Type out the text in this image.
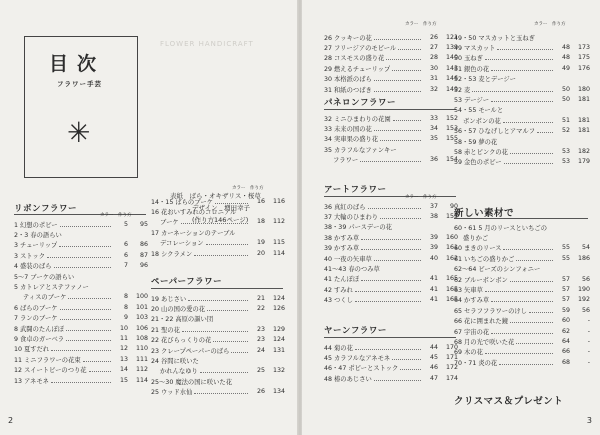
FLOWER HANDICRAFT
目次
フラワー手芸
✳
表紙　 ばら・オキザリス・桜草
デザイン　増田幸子
(作り方146ページ)
リボンフラワー
カラー　作り方
1 幻想のポピー	5	95
2・3 春の語らい
3 チューリップ	6	86
3 ストック	6	87
4 盛装のばら	7	96
5～7 ブーケの語らい
5 カトレアとステファノー
ティスのブーケ	8	100
6 ばらのブーケ	8	101
7 ランのブーケ	9	103
8 武闘のたんぽぽ	10	106
9 食卓のガーベラ	11	108
10 夏すだれ	12	110
11 ミニフラワーの花束	13	111
12 スイートピーのつり花	14	112
13 アネモネ	15	114
カラー　作り方
14・15 ばらのブーケ	16	116
16 花おいすみれのコロニアル
ブーケ	18	112
17 カーネーションのテーブル
デコレーション	19	115
18 シクラメン	20	114
ペーパーフラワー
19 あじさい	21	124
20 山の国の愛の花	22	126
21・22 高原の謳い団
21 聖の花	23	129
22 花びらっくりの花	23	124
23 クレープペーパーのばら	24	131
24 谷間に咲いた
かれんなゆり	25	132
25～30 魔法の国に咲いた花
25 ウッド水仙	26	134
2
カラー　作り方
26 クッキーの花	26	121
27 フリージアのモビール	27	139
28 コスモスの盛り花	28	140
29 燃えるチューリップ	30	143
30 本格派のばら	31	146
31 和紙のつばき	32	149
パネロンフラワー
32 ミニひまわりの花園	33	152
33 未来の国の花	34	153
34 実車果の盛り花	35	155
35 カラフルなファンキー
フラワー	36	154
アートフラワー
カラー　作り方
36 真紅のばら	37	90
37 大輪のひまわり	38	155
38・39 パースデーの花
38 かすみ草	39	160
39 かすみ草	39	161
40 一夜の矢車草	40	162
41～43 春のつみ草
41 たんぽぽ	41	165
42 すみれ	41	165
43 つくし	41	165
ヤーンフラワー
44 菊の花	44	170
45 カラフルなアネモネ	45	171
46・47 ポピーとストック	46	172
48 椿のあじさい	47	174
カラー　作り方
49・50 マスカットと玉ねぎ
49 マスカット	48	173
50 玉ねぎ	48	175
51 銀色の花	49	176
52・53 麦とデージー
52 麦	50	180
53 デージー	50	181
54・55 モールと
ボンボンの花	51	181
56・57 ひなげしとアマルフ	52	181
58・59 夢の花
58 赤とピンクの花	53	182
59 金色のポピー	53	179
新しい素材で
60・61 5 月のリースといちごの
盛りかご
60 まきのリース	55	54
61 いちごの盛りかご	55	186
62～64 ビーズのシンフォニー
62 ブルーボンボン	57	56
63 矢車草	57	190
64 かすみ草	57	192
65 セラフフラワーのけし	59	56
66 花に囲まれた鏡	60	-
67 宇宙の花	62	-
68 月の光で咲いた花	64	-
69 木の花	66	-
70・71 炎の花	68	-
クリスマス＆プレゼント
3
